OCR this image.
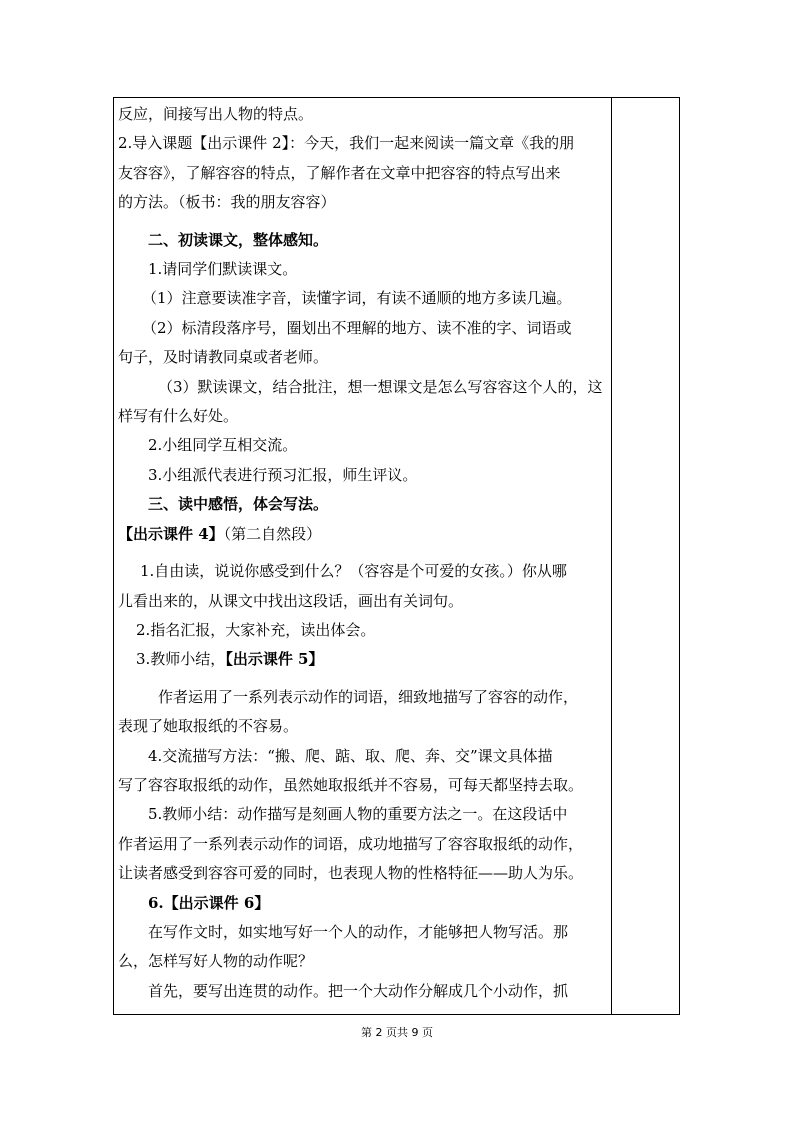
反应，间接写出人物的特点。

2.导入课题【出示课件 2】：今天，我们一起来阅读一篇文章《我的朋

友容容》，了解容容的特点，了解作者在文章中把容容的特点写出来

的方法。（板书：我的朋友容容）

二、初读课文，整体感知。

1.请同学们默读课文。

（1）注意要读准字音，读懂字词，有读不通顺的地方多读几遍。

（2）标清段落序号，圈划出不理解的地方、读不准的字、词语或

句子，及时请教同桌或者老师。

（3）默读课文，结合批注，想一想课文是怎么写容容这个人的，这

样写有什么好处。

2.小组同学互相交流。

3.小组派代表进行预习汇报，师生评议。

三、读中感悟，体会写法。

【出示课件 4】（第二自然段）

1.自由读，说说你感受到什么？（容容是个可爱的女孩。）你从哪

儿看出来的，从课文中找出这段话，画出有关词句。

2.指名汇报，大家补充，读出体会。

3.教师小结，【出示课件 5】

作者运用了一系列表示动作的词语，细致地描写了容容的动作，

表现了她取报纸的不容易。

4.交流描写方法：“搬、爬、踮、取、爬、奔、交”课文具体描

写了容容取报纸的动作，虽然她取报纸并不容易，可每天都坚持去取。

5.教师小结：动作描写是刻画人物的重要方法之一。在这段话中

作者运用了一系列表示动作的词语，成功地描写了容容取报纸的动作，

让读者感受到容容可爱的同时，也表现人物的性格特征——助人为乐。

6.【出示课件 6】

在写作文时，如实地写好一个人的动作，才能够把人物写活。那

么，怎样写好人物的动作呢？

首先，要写出连贯的动作。把一个大动作分解成几个小动作，抓

第 2 页共 9 页
